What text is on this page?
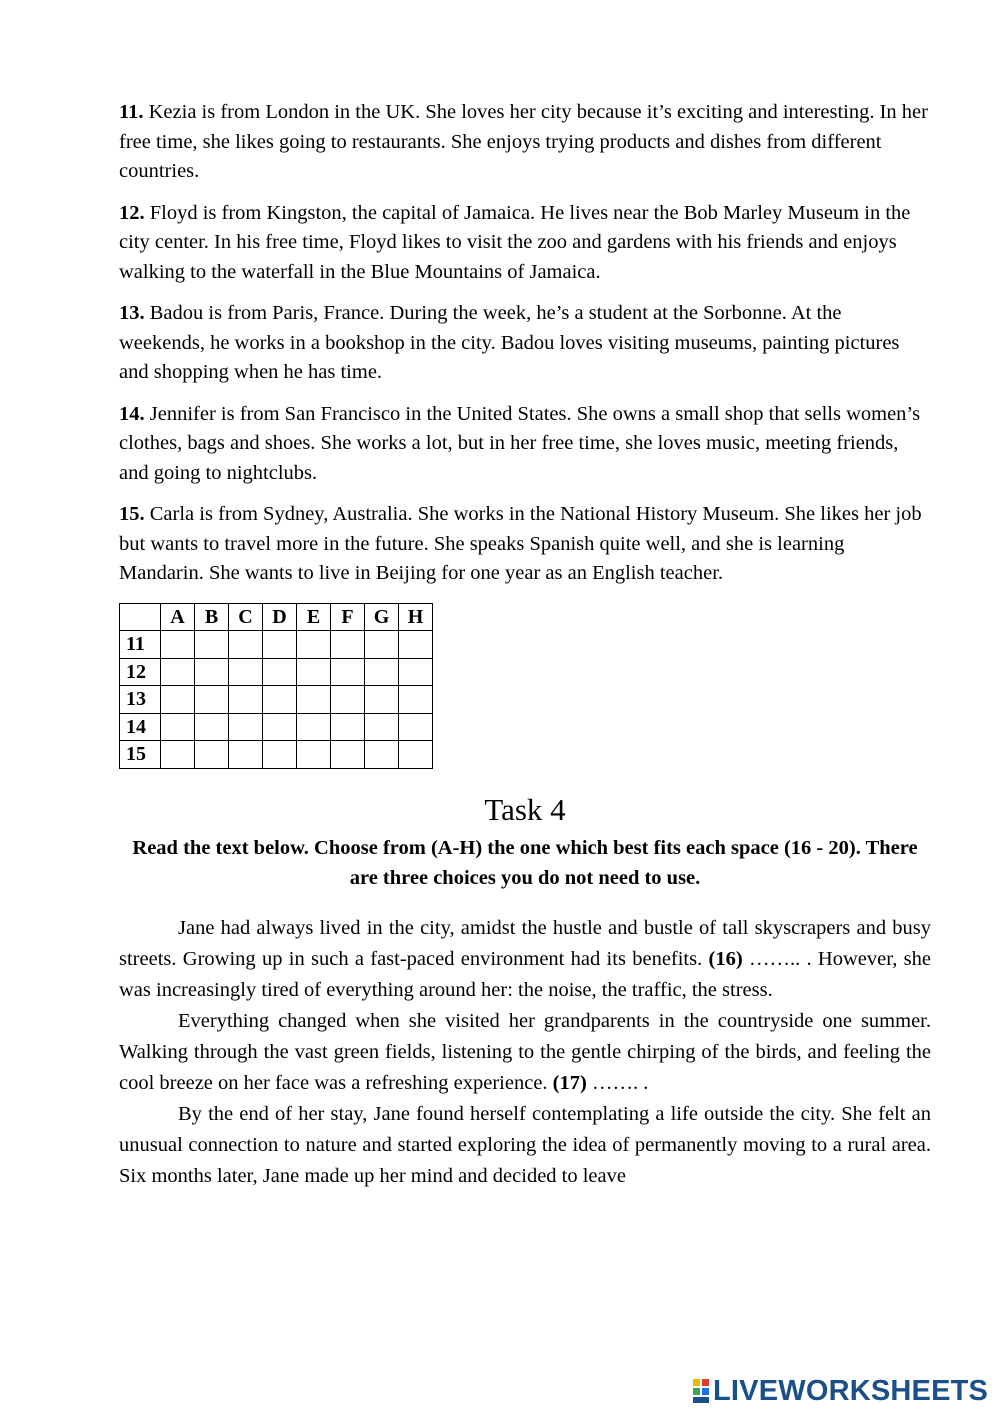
11. Kezia is from London in the UK. She loves her city because it’s exciting and interesting. In her free time, she likes going to restaurants. She enjoys trying products and dishes from different countries.

12. Floyd is from Kingston, the capital of Jamaica. He lives near the Bob Marley Museum in the city center. In his free time, Floyd likes to visit the zoo and gardens with his friends and enjoys walking to the waterfall in the Blue Mountains of Jamaica.

13. Badou is from Paris, France. During the week, he’s a student at the Sorbonne. At the weekends, he works in a bookshop in the city. Badou loves visiting museums, painting pictures and shopping when he has time.

14. Jennifer is from San Francisco in the United States. She owns a small shop that sells women’s clothes, bags and shoes. She works a lot, but in her free time, she loves music, meeting friends, and going to nightclubs.

15. Carla is from Sydney, Australia. She works in the National History Museum. She likes her job but wants to travel more in the future. She speaks Spanish quite well, and she is learning Mandarin. She wants to live in Beijing for one year as an English teacher.

	A	B	C	D	E	F	G	H
11								
12								
13								
14								
15								
Task 4

Read the text below. Choose from (A-H) the one which best fits each space (16 - 20). There are three choices you do not need to use.

Jane had always lived in the city, amidst the hustle and bustle of tall skyscrapers and busy streets. Growing up in such a fast-paced environment had its benefits. (16) …….. . However, she was increasingly tired of everything around her: the noise, the traffic, the stress.

Everything changed when she visited her grandparents in the countryside one summer. Walking through the vast green fields, listening to the gentle chirping of the birds, and feeling the cool breeze on her face was a refreshing experience. (17) ……. .

By the end of her stay, Jane found herself contemplating a life outside the city. She felt an unusual connection to nature and started exploring the idea of permanently moving to a rural area. Six months later, Jane made up her mind and decided to leave

LIVEWORKSHEETS
